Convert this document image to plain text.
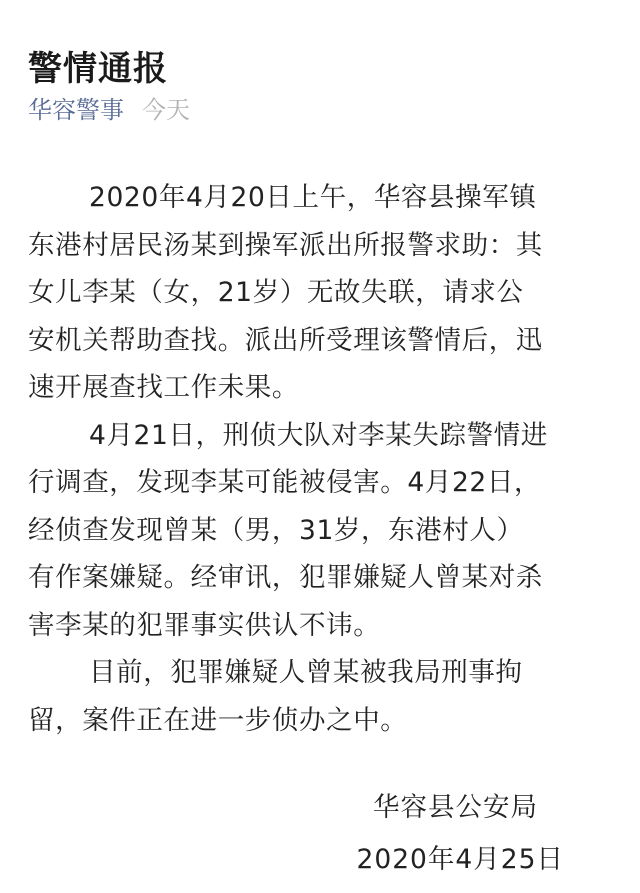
警情通报
华容警事 今天
2020年4月20日上午，华容县操军镇
东港村居民汤某到操军派出所报警求助：其
女儿李某（女，21岁）无故失联，请求公
安机关帮助查找。派出所受理该警情后，迅
速开展查找工作未果。
4月21日，刑侦大队对李某失踪警情进
行调查，发现李某可能被侵害。4月22日，
经侦查发现曾某（男，31岁，东港村人）
有作案嫌疑。经审讯，犯罪嫌疑人曾某对杀
害李某的犯罪事实供认不讳。
目前，犯罪嫌疑人曾某被我局刑事拘
留，案件正在进一步侦办之中。
华容县公安局
2020年4月25日
